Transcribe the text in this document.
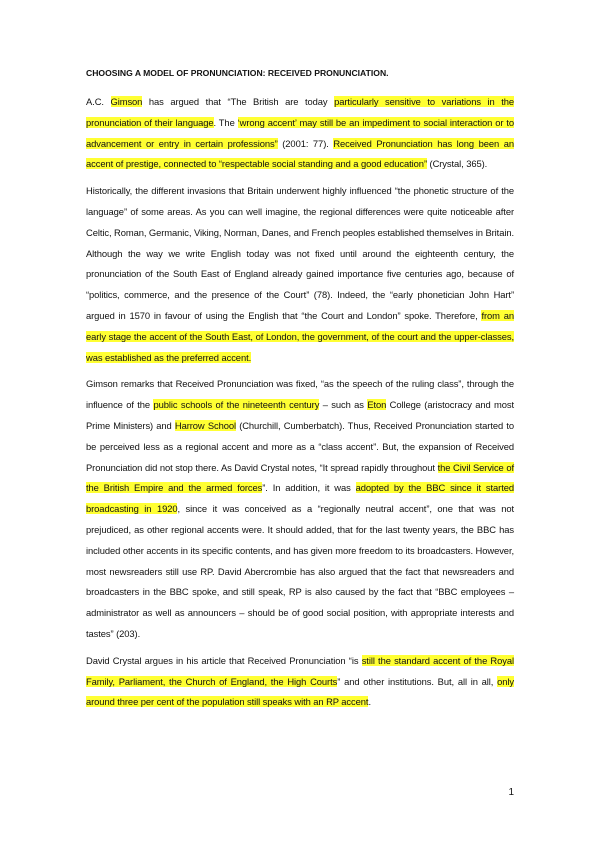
CHOOSING A MODEL OF PRONUNCIATION: RECEIVED PRONUNCIATION.

A.C. Gimson has argued that “The British are today particularly sensitive to variations in the pronunciation of their language. The ‘wrong accent’ may still be an impediment to social interaction or to advancement or entry in certain professions” (2001: 77). Received Pronunciation has long been an accent of prestige, connected to “respectable social standing and a good education” (Crystal, 365).

Historically, the different invasions that Britain underwent highly influenced “the phonetic structure of the language” of some areas. As you can well imagine, the regional differences were quite noticeable after Celtic, Roman, Germanic, Viking, Norman, Danes, and French peoples established themselves in Britain. Although the way we write English today was not fixed until around the eighteenth century, the pronunciation of the South East of England already gained importance five centuries ago, because of “politics, commerce, and the presence of the Court” (78). Indeed, the “early phonetician John Hart” argued in 1570 in favour of using the English that “the Court and London” spoke. Therefore, from an early stage the accent of the South East, of London, the government, of the court and the upper-classes, was established as the preferred accent.

Gimson remarks that Received Pronunciation was fixed, “as the speech of the ruling class”, through the influence of the public schools of the nineteenth century – such as Eton College (aristocracy and most Prime Ministers) and Harrow School (Churchill, Cumberbatch). Thus, Received Pronunciation started to be perceived less as a regional accent and more as a “class accent”. But, the expansion of Received Pronunciation did not stop there. As David Crystal notes, “It spread rapidly throughout the Civil Service of the British Empire and the armed forces”. In addition, it was adopted by the BBC since it started broadcasting in 1920, since it was conceived as a “regionally neutral accent”, one that was not prejudiced, as other regional accents were. It should added, that for the last twenty years, the BBC has included other accents in its specific contents, and has given more freedom to its broadcasters. However, most newsreaders still use RP. David Abercrombie has also argued that the fact that newsreaders and broadcasters in the BBC spoke, and still speak, RP is also caused by the fact that “BBC employees – administrator as well as announcers – should be of good social position, with appropriate interests and tastes” (203).

David Crystal argues in his article that Received Pronunciation “is still the standard accent of the Royal Family, Parliament, the Church of England, the High Courts” and other institutions. But, all in all, only around three per cent of the population still speaks with an RP accent.

1
